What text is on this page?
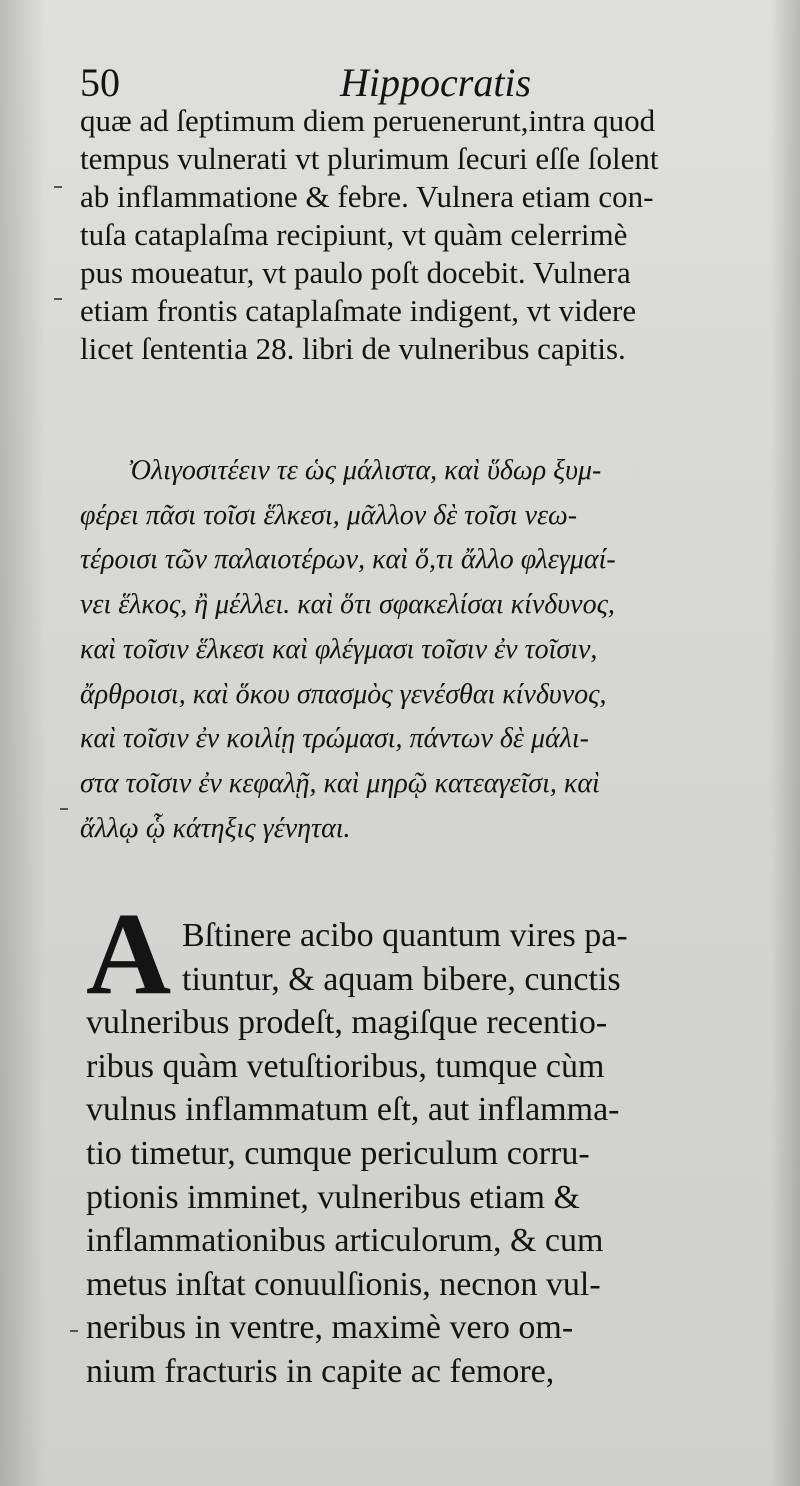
50	Hippocratis
quæ ad ſeptimum diem peruenerunt,intra quod
tempus vulnerati vt plurimum ſecuri eſſe ſolent
ab inflammatione & febre. Vulnera etiam con-
tuſa cataplaſma recipiunt, vt quàm celerrimè
pus moueatur, vt paulo poſt docebit. Vulnera
etiam frontis cataplaſmate indigent, vt videre
licet ſententia 28. libri de vulneribus capitis.
Ὀλιγοσιτέειν τε ὡς μάλιστα, καὶ ὕδωρ ξυμ-
φέρει πᾶσι τοῖσι ἕλκεσι, μᾶλλον δὲ τοῖσι νεω-
τέροισι τῶν παλαιοτέρων, καὶ ὅ,τι ἄλλο φλεγμαί-
νει ἕλκος, ἢ μέλλει. καὶ ὅτι σφακελίσαι κίνδυνος,
καὶ τοῖσιν ἕλκεσι καὶ φλέγμασι τοῖσιν ἐν τοῖσιν,
ἄρθροισι, καὶ ὅκου σπασμὸς γενέσθαι κίνδυνος,
καὶ τοῖσιν ἐν κοιλίῃ τρώμασι, πάντων δὲ μάλι-
στα τοῖσιν ἐν κεφαλῇ, καὶ μηρῷ κατεαγεῖσι, καὶ
ἄλλῳ ᾧ κάτηξις γένηται.
A Bſtinere acibo quantum vires pa-
tiuntur, & aquam bibere, cunctis
vulneribus prodeſt, magiſque recentio-
ribus quàm vetuſtioribus, tumque cùm
vulnus inflammatum eſt, aut inflamma-
tio timetur, cumque periculum corru-
ptionis imminet, vulneribus etiam &
inflammationibus articulorum, & cum
metus inſtat conuulſionis, necnon vul-
neribus in ventre, maximè vero om-
nium fracturis in capite ac femore,
